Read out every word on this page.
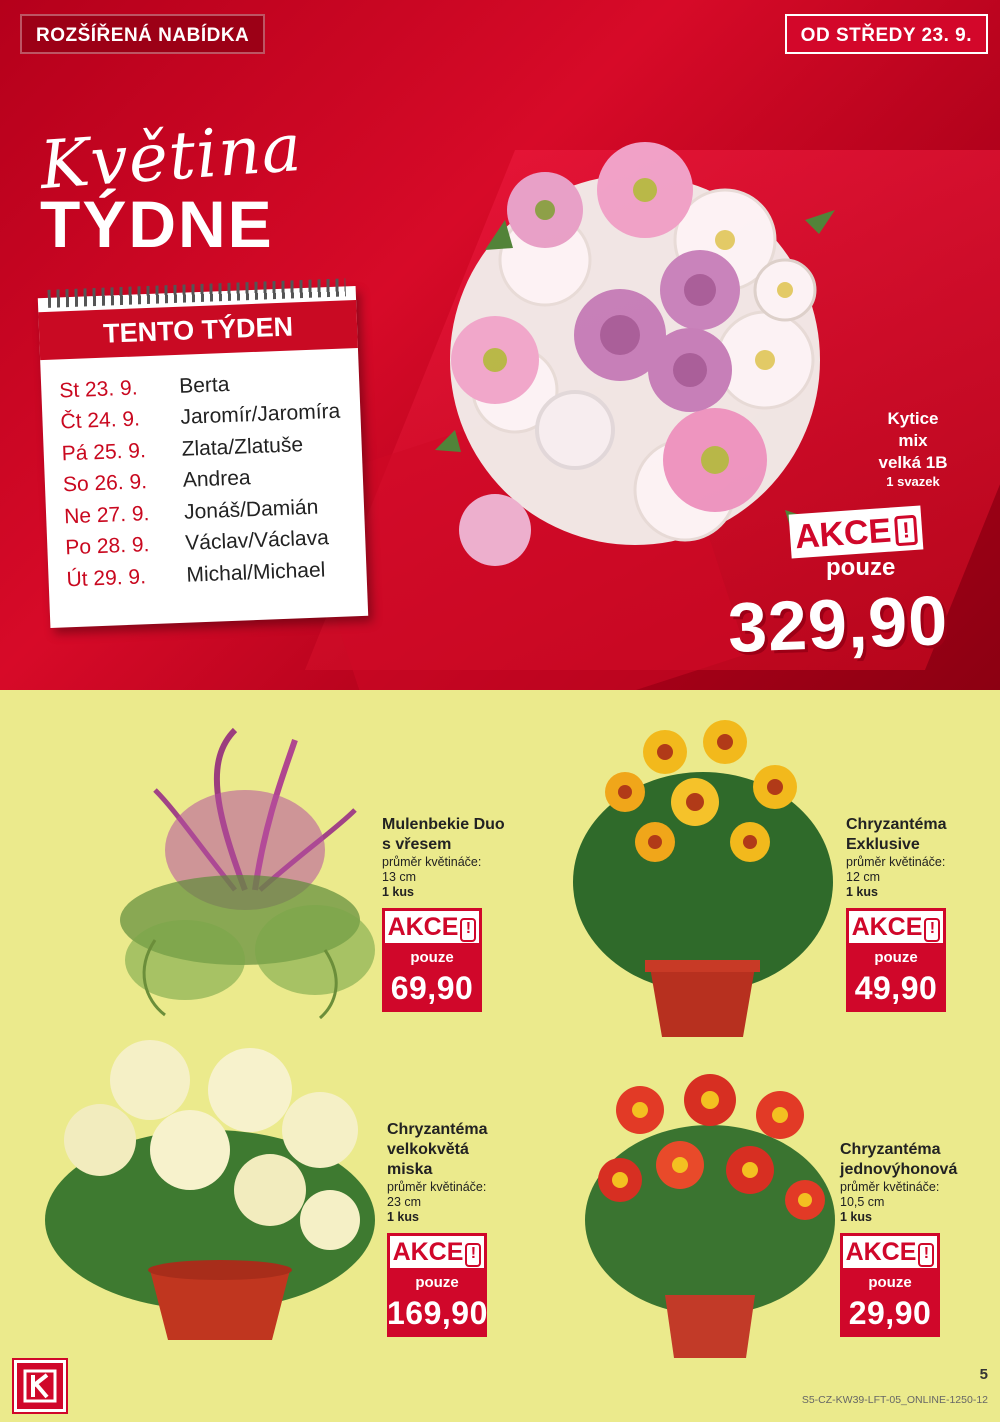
ROZŠÍŘENÁ NABÍDKA	OD STŘEDY 23. 9.
Květina
TÝDNE
TENTO TÝDEN
St 23. 9.	Berta
Čt 24. 9.	Jaromír/Jaromíra
Pá 25. 9.	Zlata/Zlatuše
So 26. 9.	Andrea
Ne 27. 9.	Jonáš/Damián
Po 28. 9.	Václav/Václava
Út 29. 9.	Michal/Michael
Kytice
mix
velká 1B
1 svazek
AKCE !
pouze
329,90
Mulenbekie Duo
s vřesem
průměr květináče:
13 cm
1 kus
AKCE !
pouze
69,90
Chryzantéma
Exklusive
průměr květináče:
12 cm
1 kus
AKCE !
pouze
49,90
Chryzantéma
velkokvětá
miska
průměr květináče:
23 cm
1 kus
AKCE !
pouze
169,90
Chryzantéma
jednovýhonová
průměr květináče:
10,5 cm
1 kus
AKCE !
pouze
29,90
5
S5-CZ-KW39-LFT-05_ONLINE-1250-12
